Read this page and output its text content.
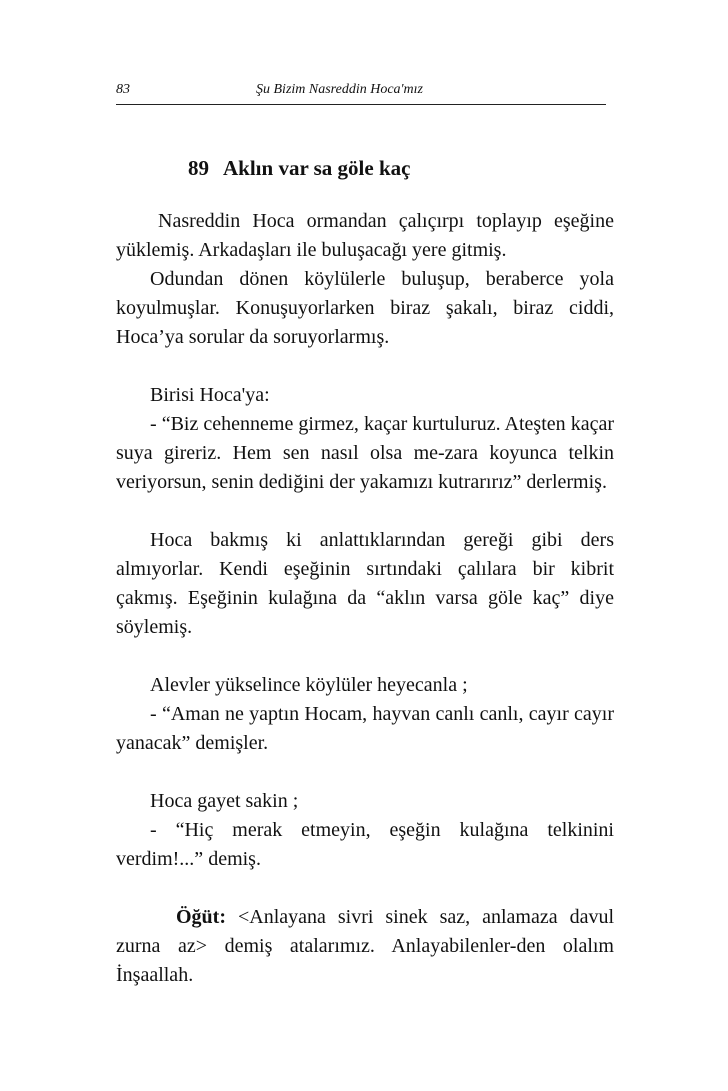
83	Şu Bizim Nasreddin Hoca'mız
89 Aklın var sa göle kaç

Nasreddin Hoca ormandan çalıçırpı toplayıp eşeğine yüklemiş. Arkadaşları ile buluşacağı yere gitmiş.

Odundan dönen köylülerle buluşup, beraberce yola koyulmuşlar. Konuşuyorlarken biraz şakalı, biraz ciddi, Hoca’ya sorular da soruyorlarmış.

Birisi Hoca'ya:

- “Biz cehenneme girmez, kaçar kurtuluruz. Ateşten kaçar suya gireriz. Hem sen nasıl olsa me-zara koyunca telkin veriyorsun, senin dediğini der yakamızı kutrarırız” derlermiş.

Hoca bakmış ki anlattıklarından gereği gibi ders almıyorlar. Kendi eşeğinin sırtındaki çalılara bir kibrit çakmış. Eşeğinin kulağına da “aklın varsa göle kaç” diye söylemiş.

Alevler yükselince köylüler heyecanla ;

- “Aman ne yaptın Hocam, hayvan canlı canlı, cayır cayır yanacak” demişler.

Hoca gayet sakin ;

- “Hiç merak etmeyin, eşeğin kulağına telkinini verdim!...” demiş.

Öğüt: <Anlayana sivri sinek saz, anlamaza davul zurna az> demiş atalarımız. Anlayabilenler-den olalım İnşaallah.
